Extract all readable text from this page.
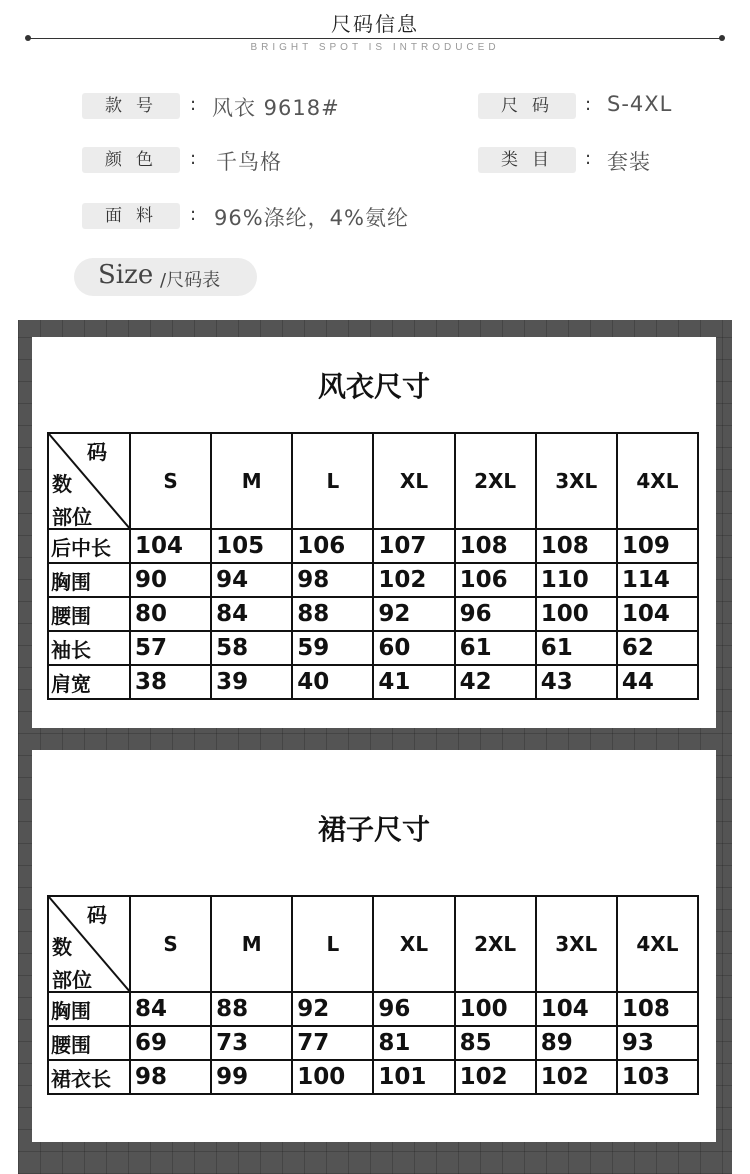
尺码信息
BRIGHT SPOT IS INTRODUCED
款号	: 风衣 9618#	尺码	: S-4XL
颜色	: 千鸟格	类目	: 套装
面料	: 96%涤纶，4%氨纶
Size /尺码表
风衣尺寸
码
数
部位	S	M	L	XL	2XL	3XL	4XL
后中长	104	105	106	107	108	108	109
胸围	90	94	98	102	106	110	114
腰围	80	84	88	92	96	100	104
袖长	57	58	59	60	61	61	62
肩宽	38	39	40	41	42	43	44
裙子尺寸
码
数
部位	S	M	L	XL	2XL	3XL	4XL
胸围	84	88	92	96	100	104	108
腰围	69	73	77	81	85	89	93
裙衣长	98	99	100	101	102	102	103
